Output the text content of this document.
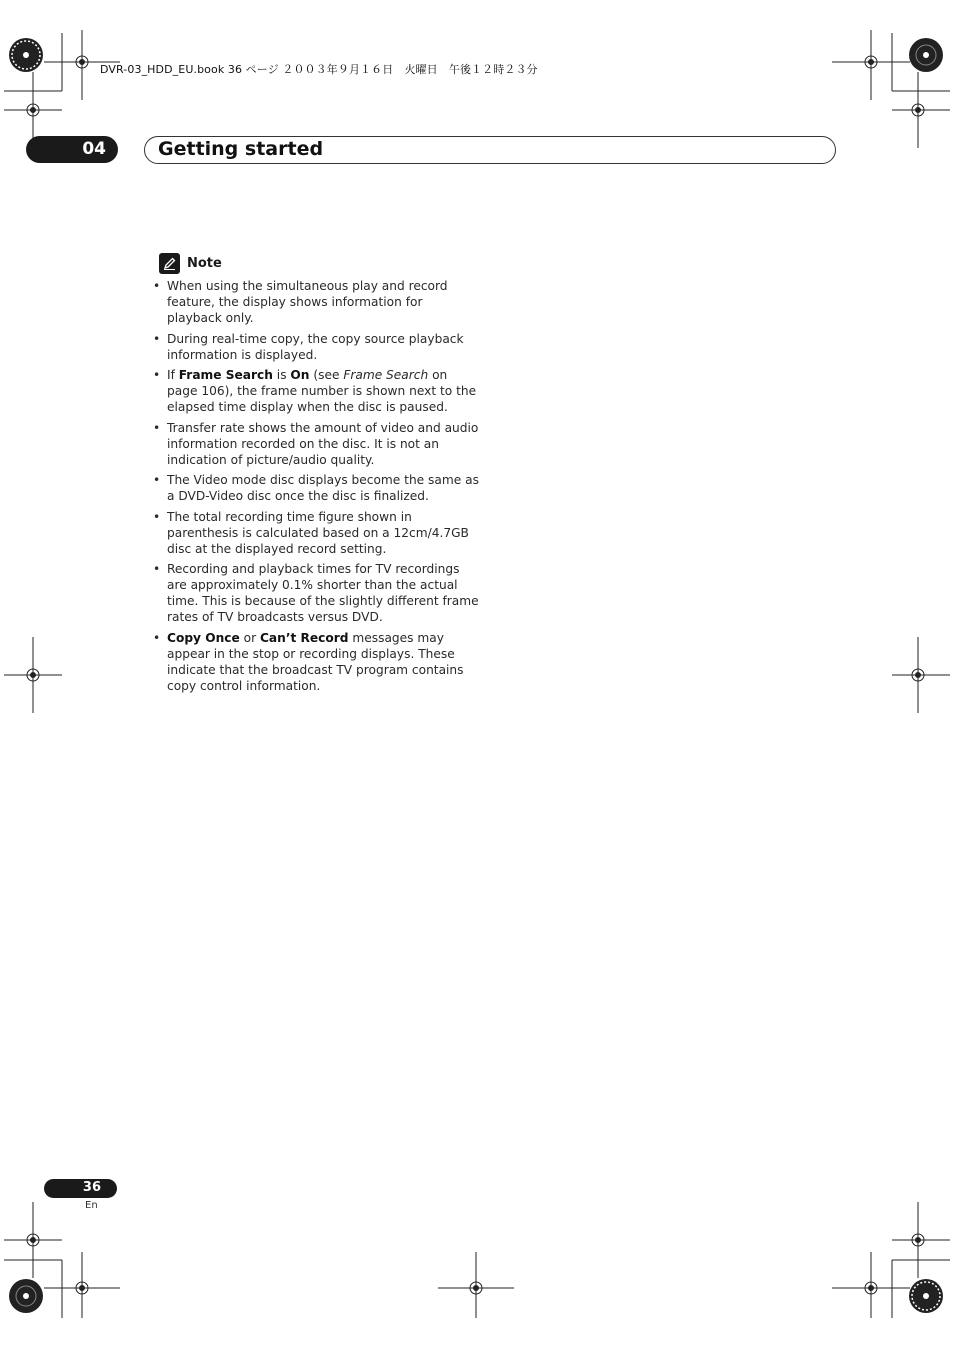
DVR-03_HDD_EU.book 36 ページ ２００３年９月１６日　火曜日　午後１２時２３分
04	Getting started
Note
• When using the simultaneous play and record feature, the display shows information for playback only.
• During real-time copy, the copy source playback information is displayed.
• If Frame Search is On (see Frame Search on page 106), the frame number is shown next to the elapsed time display when the disc is paused.
• Transfer rate shows the amount of video and audio information recorded on the disc. It is not an indication of picture/audio quality.
• The Video mode disc displays become the same as a DVD-Video disc once the disc is finalized.
• The total recording time figure shown in parenthesis is calculated based on a 12cm/4.7GB disc at the displayed record setting.
• Recording and playback times for TV recordings are approximately 0.1% shorter than the actual time. This is because of the slightly different frame rates of TV broadcasts versus DVD.
• Copy Once or Can’t Record messages may appear in the stop or recording displays. These indicate that the broadcast TV program contains copy control information.
36
En
